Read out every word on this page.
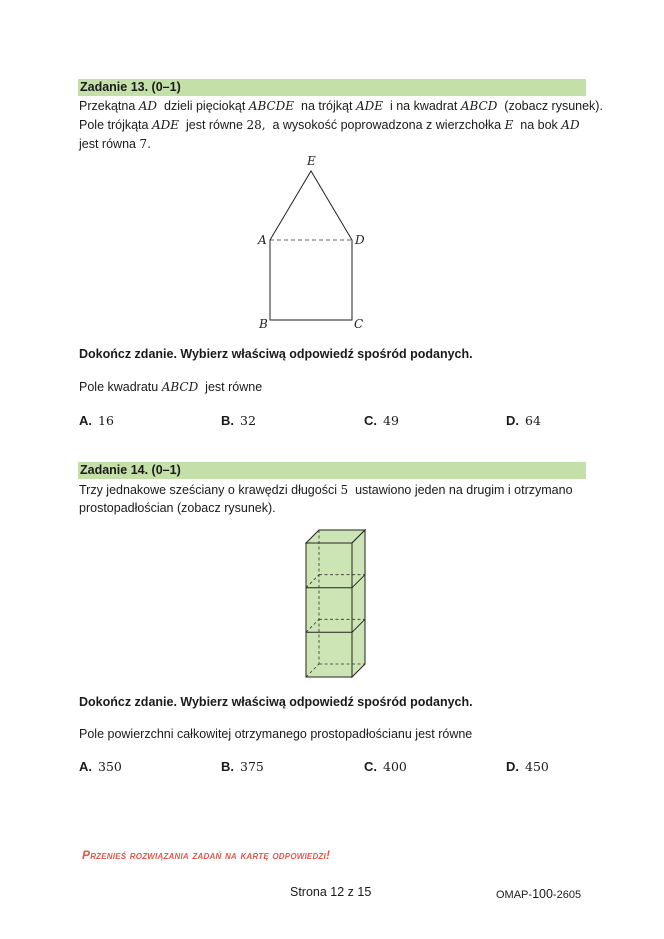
Zadanie 13. (0–1)
Przekątna AD dzieli pięciokąt ABCDE na trójkąt ADE i na kwadrat ABCD (zobacz rysunek).
Pole trójkąta ADE jest równe 28, a wysokość poprowadzona z wierzchołka E na bok AD
jest równa 7.
E
A	D
B	C
Dokończ zdanie. Wybierz właściwą odpowiedź spośród podanych.
Pole kwadratu ABCD jest równe
A. 16	B. 32	C. 49	D. 64
Zadanie 14. (0–1)
Trzy jednakowe sześciany o krawędzi długości 5 ustawiono jeden na drugim i otrzymano
prostopadłościan (zobacz rysunek).
Dokończ zdanie. Wybierz właściwą odpowiedź spośród podanych.
Pole powierzchni całkowitej otrzymanego prostopadłościanu jest równe
A. 350	B. 375	C. 400	D. 450
Przenieś rozwiązania zadań na kartę odpowiedzi!
Strona 12 z 15	OMAP-100-2605
